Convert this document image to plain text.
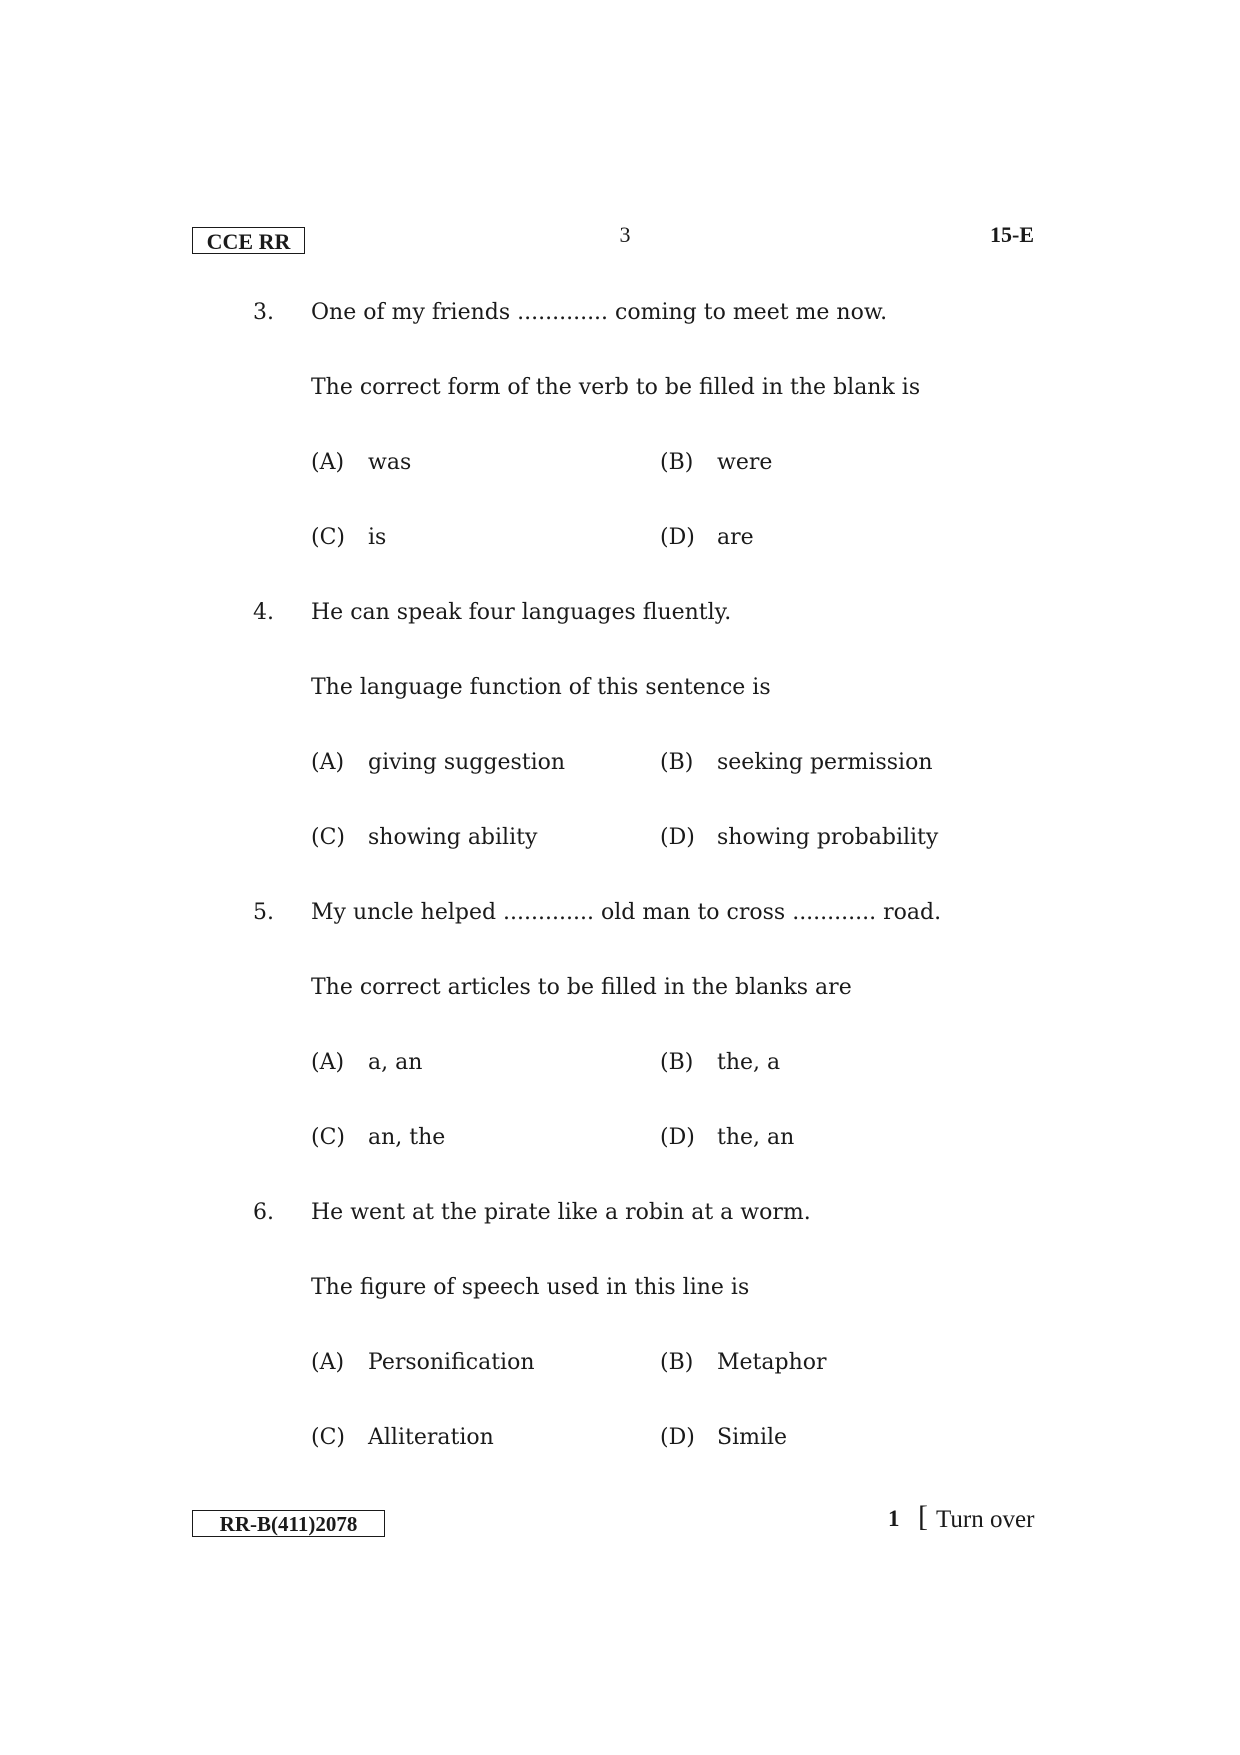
CCE RR	3	15-E
3. One of my friends ............. coming to meet me now.
The correct form of the verb to be filled in the blank is
(A) was	(B) were
(C) is	(D) are
4. He can speak four languages fluently.
The language function of this sentence is
(A) giving suggestion	(B) seeking permission
(C) showing ability	(D) showing probability
5. My uncle helped ............. old man to cross ............ road.
The correct articles to be filled in the blanks are
(A) a, an	(B) the, a
(C) an, the	(D) the, an
6. He went at the pirate like a robin at a worm.
The figure of speech used in this line is
(A) Personification	(B) Metaphor
(C) Alliteration	(D) Simile
RR-B(411)2078	1 [ Turn over
